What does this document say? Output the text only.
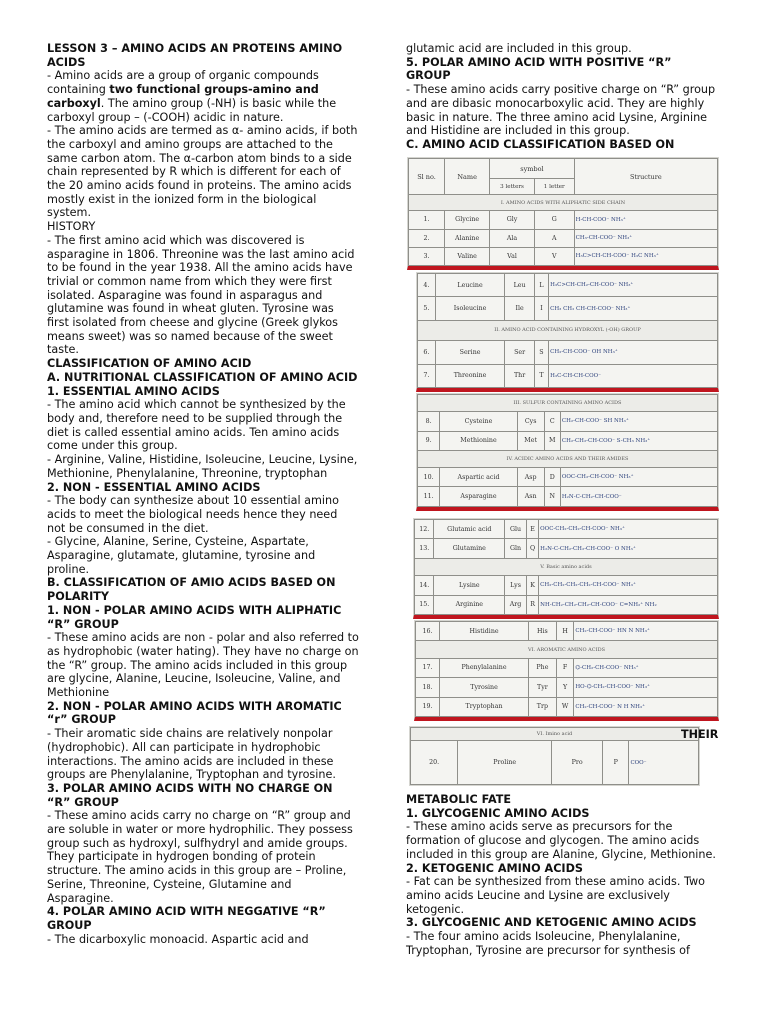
LESSON 3 – AMINO ACIDS AN PROTEINS AMINO ACIDS

- Amino acids are a group of organic compounds containing two functional groups-amino and carboxyl. The amino group (-NH) is basic while the carboxyl group – (-COOH) acidic in nature.

- The amino acids are termed as α- amino acids, if both the carboxyl and amino groups are attached to the same carbon atom. The α-carbon atom binds to a side chain represented by R which is different for each of the 20 amino acids found in proteins. The amino acids mostly exist in the ionized form in the biological system.

HISTORY

- The first amino acid which was discovered is asparagine in 1806. Threonine was the last amino acid to be found in the year 1938. All the amino acids have trivial or common name from which they were first isolated. Asparagine was found in asparagus and glutamine was found in wheat gluten. Tyrosine was first isolated from cheese and glycine (Greek glykos means sweet) was so named because of the sweet taste.

CLASSIFICATION OF AMINO ACID

A. NUTRITIONAL CLASSIFICATION OF AMINO ACID

1. ESSENTIAL AMINO ACIDS

- The amino acid which cannot be synthesized by the body and, therefore need to be supplied through the diet is called essential amino acids. Ten amino acids come under this group.

- Arginine, Valine, Histidine, Isoleucine, Leucine, Lysine, Methionine, Phenylalanine, Threonine, tryptophan

2. NON - ESSENTIAL AMINO ACIDS

- The body can synthesize about 10 essential amino acids to meet the biological needs hence they need not be consumed in the diet.

- Glycine, Alanine, Serine, Cysteine, Aspartate, Asparagine, glutamate, glutamine, tyrosine and proline.

B. CLASSIFICATION OF AMIO ACIDS BASED ON POLARITY

1. NON - POLAR AMINO ACIDS WITH ALIPHATIC “R” GROUP

- These amino acids are non - polar and also referred to as hydrophobic (water hating). They have no charge on the “R” group. The amino acids included in this group are glycine, Alanine, Leucine, Isoleucine, Valine, and Methionine

2. NON - POLAR AMINO ACIDS WITH AROMATIC “r” GROUP

- Their aromatic side chains are relatively nonpolar (hydrophobic). All can participate in hydrophobic interactions. The amino acids are included in these groups are Phenylalanine, Tryptophan and tyrosine.

3. POLAR AMINO ACIDS WITH NO CHARGE ON “R” GROUP

- These amino acids carry no charge on “R” group and are soluble in water or more hydrophilic. They possess group such as hydroxyl, sulfhydryl and amide groups. They participate in hydrogen bonding of protein structure. The amino acids in this group are – Proline, Serine, Threonine, Cysteine, Glutamine and Asparagine.

4. POLAR AMINO ACID WITH NEGGATIVE “R” GROUP

- The dicarboxylic monoacid. Aspartic acid and

glutamic acid are included in this group.

5. POLAR AMINO ACID WITH POSITIVE “R” GROUP

- These amino acids carry positive charge on “R” group and are dibasic monocarboxylic acid. They are highly basic in nature. The three amino acid Lysine, Arginine and Histidine are included in this group.

C. AMINO ACID CLASSIFICATION BASED ON

Sl no.	Name	symbol		Structure
		3 letters	1 letter	
I. AMINO ACIDS WITH ALIPHATIC SIDE CHAIN				
1.	Glycine	Gly	G	H-CH-COO⁻ NH₃⁺
2.	Alanine	Ala	A	CH₃-CH-COO⁻ NH₃⁺
3.	Valine	Val	V	H₃C>CH-CH-COO⁻ H₃C NH₃⁺
4.	Leucine	Leu	L	H₃C>CH-CH₂-CH-COO⁻ NH₃⁺
5.	Isoleucine	Ile	I	CH₃ CH₂ CH-CH-COO⁻ NH₃⁺
II. AMINO ACID CONTAINING HYDROXYL (-OH) GROUP				
6.	Serine	Ser	S	CH₂-CH-COO⁻ OH NH₃⁺
7.	Threonine	Thr	T	H₃C-CH-CH-COO⁻
III. SULFUR CONTAINING AMINO ACIDS				
8.	Cysteine	Cys	C	CH₂-CH-COO⁻ SH NH₃⁺
9.	Methionine	Met	M	CH₂-CH₂-CH-COO⁻ S-CH₃ NH₃⁺
IV. ACIDIC AMINO ACIDS AND THEIR AMIDES				
10.	Aspartic acid	Asp	D	OOC-CH₂-CH-COO⁻ NH₃⁺
11.	Asparagine	Asn	N	H₂N-C-CH₂-CH-COO⁻
12.	Glutamic acid	Glu	E	OOC-CH₂-CH₂-CH-COO⁻ NH₃⁺
13.	Glutamine	Gln	Q	H₂N-C-CH₂-CH₂-CH-COO⁻ O NH₃⁺
V. Basic amino acids				
14.	Lysine	Lys	K	CH₂-CH₂-CH₂-CH₂-CH-COO⁻ NH₃⁺
15.	Arginine	Arg	R	NH-CH₂-CH₂-CH₂-CH-COO⁻ C=NH₂⁺ NH₂
16.	Histidine	His	H	CH₂-CH-COO⁻ HN N NH₃⁺
VI. AROMATIC AMINO ACIDS				
17.	Phenylalanine	Phe	F	⌬-CH₂-CH-COO⁻ NH₃⁺
18.	Tyrosine	Tyr	Y	HO-⌬-CH₂-CH-COO⁻ NH₃⁺
19.	Tryptophan	Trp	W	CH₂-CH-COO⁻ N H NH₃⁺
VI. Imino acid
20.	Proline	Pro	P	COO⁻
THEIR

METABOLIC FATE

1. GLYCOGENIC AMINO ACIDS

- These amino acids serve as precursors for the formation of glucose and glycogen. The amino acids included in this group are Alanine, Glycine, Methionine.

2. KETOGENIC AMINO ACIDS

- Fat can be synthesized from these amino acids. Two amino acids Leucine and Lysine are exclusively ketogenic.

3. GLYCOGENIC AND KETOGENIC AMINO ACIDS

- The four amino acids Isoleucine, Phenylalanine, Tryptophan, Tyrosine are precursor for synthesis of
